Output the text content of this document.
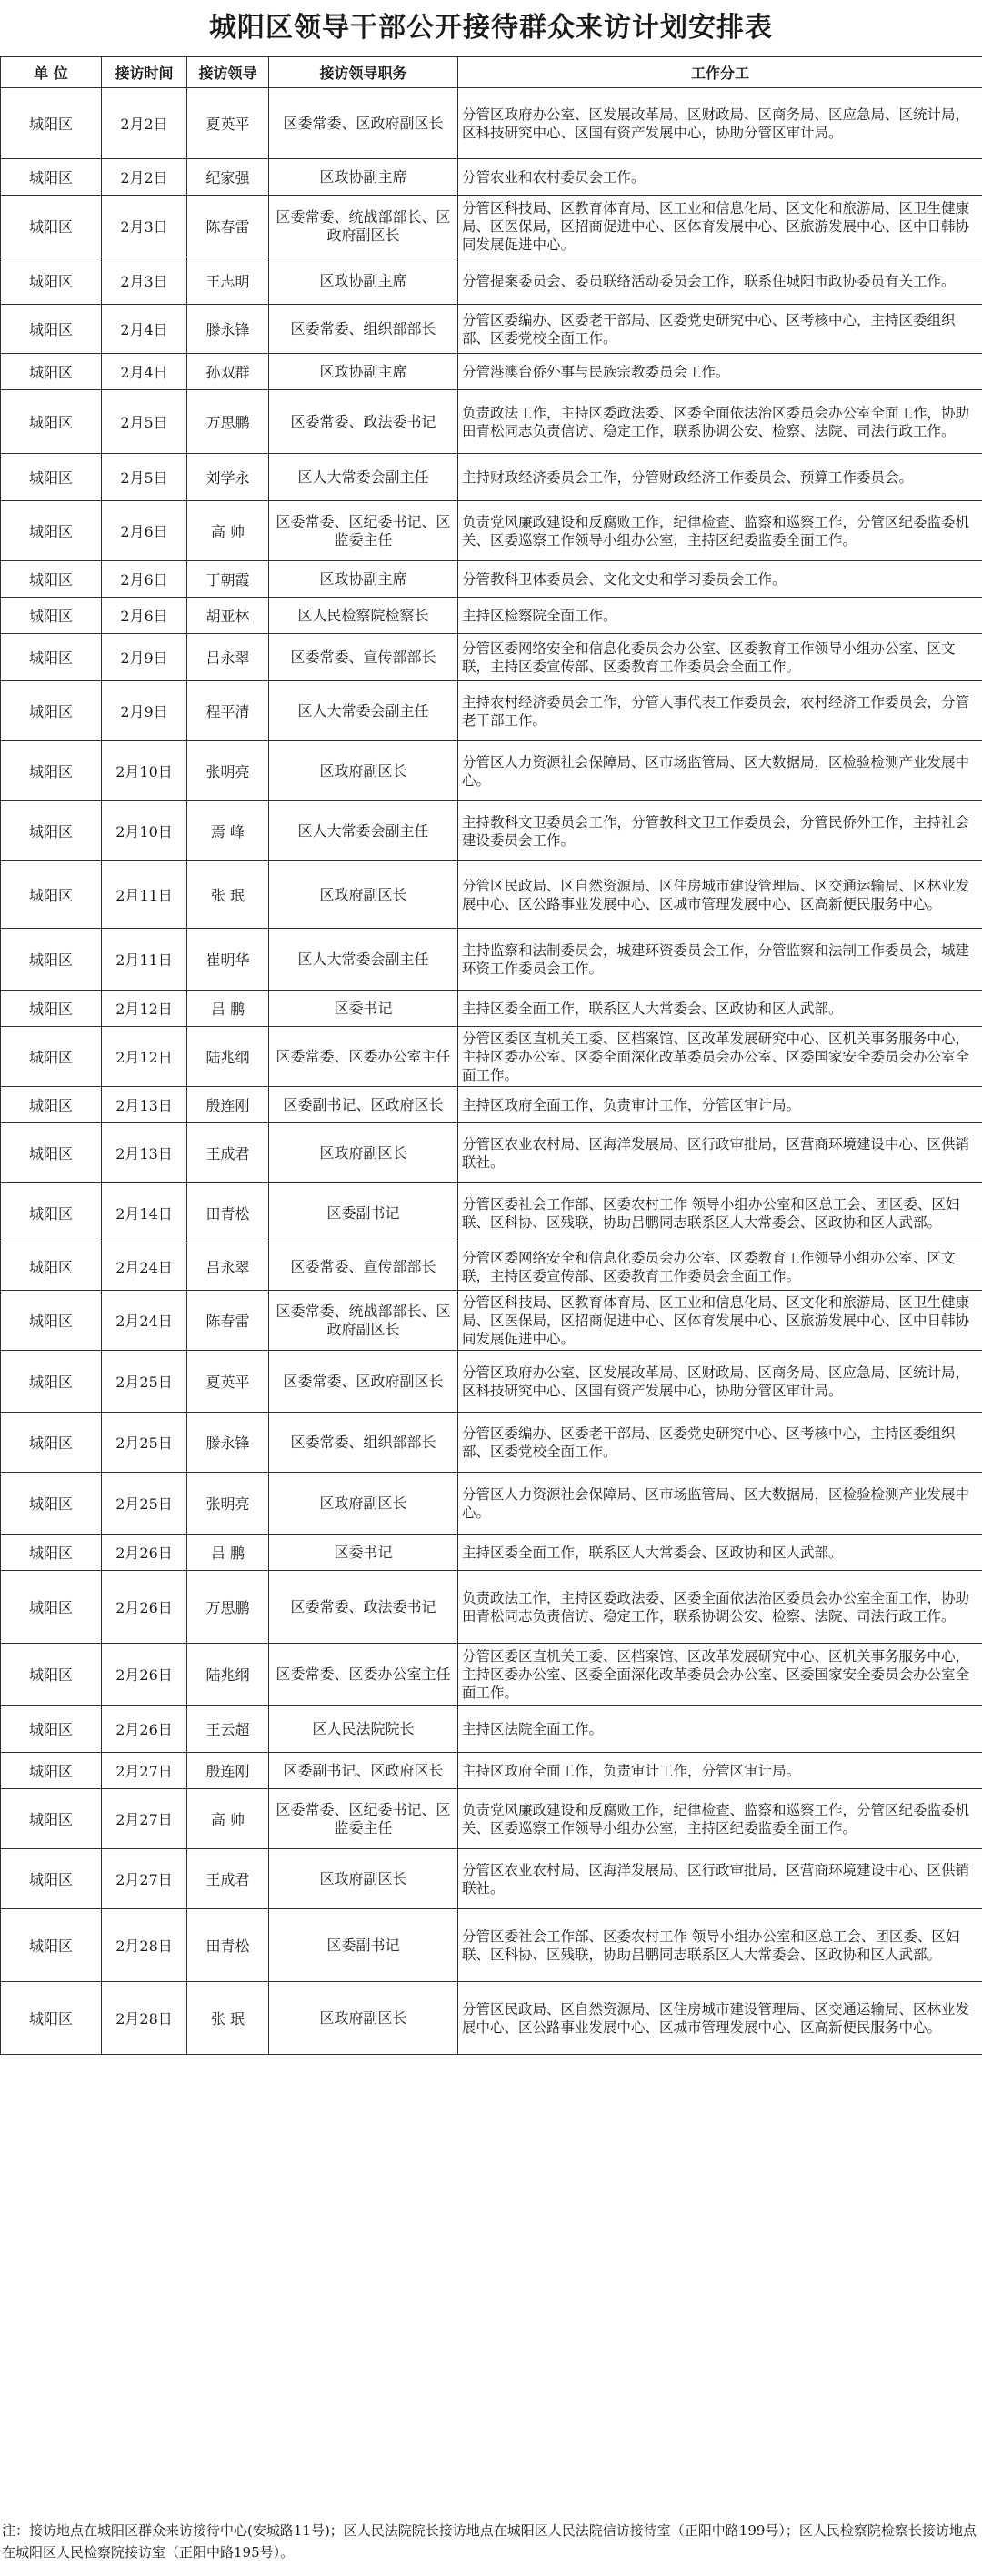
城阳区领导干部公开接待群众来访计划安排表
单 位	接访时间	接访领导	接访领导职务	工作分工
城阳区	2月2日	夏英平	区委常委、区政府副区长	分管区政府办公室、区发展改革局、区财政局、区商务局、区应急局、区统计局，区科技研究中心、区国有资产发展中心，协助分管区审计局。
城阳区	2月2日	纪家强	区政协副主席	分管农业和农村委员会工作。
城阳区	2月3日	陈春雷	区委常委、统战部部长、区政府副区长	分管区科技局、区教育体育局、区工业和信息化局、区文化和旅游局、区卫生健康局、区医保局，区招商促进中心、区体育发展中心、区旅游发展中心、区中日韩协同发展促进中心。
城阳区	2月3日	王志明	区政协副主席	分管提案委员会、委员联络活动委员会工作，联系住城阳市政协委员有关工作。
城阳区	2月4日	滕永锋	区委常委、组织部部长	分管区委编办、区委老干部局、区委党史研究中心、区考核中心，主持区委组织部、区委党校全面工作。
城阳区	2月4日	孙双群	区政协副主席	分管港澳台侨外事与民族宗教委员会工作。
城阳区	2月5日	万思鹏	区委常委、政法委书记	负责政法工作，主持区委政法委、区委全面依法治区委员会办公室全面工作，协助田青松同志负责信访、稳定工作，联系协调公安、检察、法院、司法行政工作。
城阳区	2月5日	刘学永	区人大常委会副主任	主持财政经济委员会工作，分管财政经济工作委员会、预算工作委员会。
城阳区	2月6日	高 帅	区委常委、区纪委书记、区监委主任	负责党风廉政建设和反腐败工作，纪律检查、监察和巡察工作，分管区纪委监委机关、区委巡察工作领导小组办公室，主持区纪委监委全面工作。
城阳区	2月6日	丁朝霞	区政协副主席	分管教科卫体委员会、文化文史和学习委员会工作。
城阳区	2月6日	胡亚林	区人民检察院检察长	主持区检察院全面工作。
城阳区	2月9日	吕永翠	区委常委、宣传部部长	分管区委网络安全和信息化委员会办公室、区委教育工作领导小组办公室、区文联，主持区委宣传部、区委教育工作委员会全面工作。
城阳区	2月9日	程平清	区人大常委会副主任	主持农村经济委员会工作，分管人事代表工作委员会，农村经济工作委员会，分管老干部工作。
城阳区	2月10日	张明亮	区政府副区长	分管区人力资源社会保障局、区市场监管局、区大数据局，区检验检测产业发展中心。
城阳区	2月10日	焉 峰	区人大常委会副主任	主持教科文卫委员会工作，分管教科文卫工作委员会，分管民侨外工作，主持社会建设委员会工作。
城阳区	2月11日	张 珉	区政府副区长	分管区民政局、区自然资源局、区住房城市建设管理局、区交通运输局、区林业发展中心、区公路事业发展中心、区城市管理发展中心、区高新便民服务中心。
城阳区	2月11日	崔明华	区人大常委会副主任	主持监察和法制委员会，城建环资委员会工作，分管监察和法制工作委员会，城建环资工作委员会工作。
城阳区	2月12日	吕 鹏	区委书记	主持区委全面工作，联系区人大常委会、区政协和区人武部。
城阳区	2月12日	陆兆纲	区委常委、区委办公室主任	分管区委区直机关工委、区档案馆、区改革发展研究中心、区机关事务服务中心，主持区委办公室、区委全面深化改革委员会办公室、区委国家安全委员会办公室全面工作。
城阳区	2月13日	殷连刚	区委副书记、区政府区长	主持区政府全面工作，负责审计工作，分管区审计局。
城阳区	2月13日	王成君	区政府副区长	分管区农业农村局、区海洋发展局、区行政审批局，区营商环境建设中心、区供销联社。
城阳区	2月14日	田青松	区委副书记	分管区委社会工作部、区委农村工作 领导小组办公室和区总工会、团区委、区妇联、区科协、区残联，协助吕鹏同志联系区人大常委会、区政协和区人武部。
城阳区	2月24日	吕永翠	区委常委、宣传部部长	分管区委网络安全和信息化委员会办公室、区委教育工作领导小组办公室、区文联，主持区委宣传部、区委教育工作委员会全面工作。
城阳区	2月24日	陈春雷	区委常委、统战部部长、区政府副区长	分管区科技局、区教育体育局、区工业和信息化局、区文化和旅游局、区卫生健康局、区医保局，区招商促进中心、区体育发展中心、区旅游发展中心、区中日韩协同发展促进中心。
城阳区	2月25日	夏英平	区委常委、区政府副区长	分管区政府办公室、区发展改革局、区财政局、区商务局、区应急局、区统计局，区科技研究中心、区国有资产发展中心，协助分管区审计局。
城阳区	2月25日	滕永锋	区委常委、组织部部长	分管区委编办、区委老干部局、区委党史研究中心、区考核中心，主持区委组织部、区委党校全面工作。
城阳区	2月25日	张明亮	区政府副区长	分管区人力资源社会保障局、区市场监管局、区大数据局，区检验检测产业发展中心。
城阳区	2月26日	吕 鹏	区委书记	主持区委全面工作，联系区人大常委会、区政协和区人武部。
城阳区	2月26日	万思鹏	区委常委、政法委书记	负责政法工作，主持区委政法委、区委全面依法治区委员会办公室全面工作，协助田青松同志负责信访、稳定工作，联系协调公安、检察、法院、司法行政工作。
城阳区	2月26日	陆兆纲	区委常委、区委办公室主任	分管区委区直机关工委、区档案馆、区改革发展研究中心、区机关事务服务中心，主持区委办公室、区委全面深化改革委员会办公室、区委国家安全委员会办公室全面工作。
城阳区	2月26日	王云超	区人民法院院长	主持区法院全面工作。
城阳区	2月27日	殷连刚	区委副书记、区政府区长	主持区政府全面工作，负责审计工作，分管区审计局。
城阳区	2月27日	高 帅	区委常委、区纪委书记、区监委主任	负责党风廉政建设和反腐败工作，纪律检查、监察和巡察工作，分管区纪委监委机关、区委巡察工作领导小组办公室，主持区纪委监委全面工作。
城阳区	2月27日	王成君	区政府副区长	分管区农业农村局、区海洋发展局、区行政审批局，区营商环境建设中心、区供销联社。
城阳区	2月28日	田青松	区委副书记	分管区委社会工作部、区委农村工作 领导小组办公室和区总工会、团区委、区妇联、区科协、区残联，协助吕鹏同志联系区人大常委会、区政协和区人武部。
城阳区	2月28日	张 珉	区政府副区长	分管区民政局、区自然资源局、区住房城市建设管理局、区交通运输局、区林业发展中心、区公路事业发展中心、区城市管理发展中心、区高新便民服务中心。
注：接访地点在城阳区群众来访接待中心(安城路11号)；区人民法院院长接访地点在城阳区人民法院信访接待室（正阳中路199号）；区人民检察院检察长接访地点在城阳区人民检察院接访室（正阳中路195号）。
